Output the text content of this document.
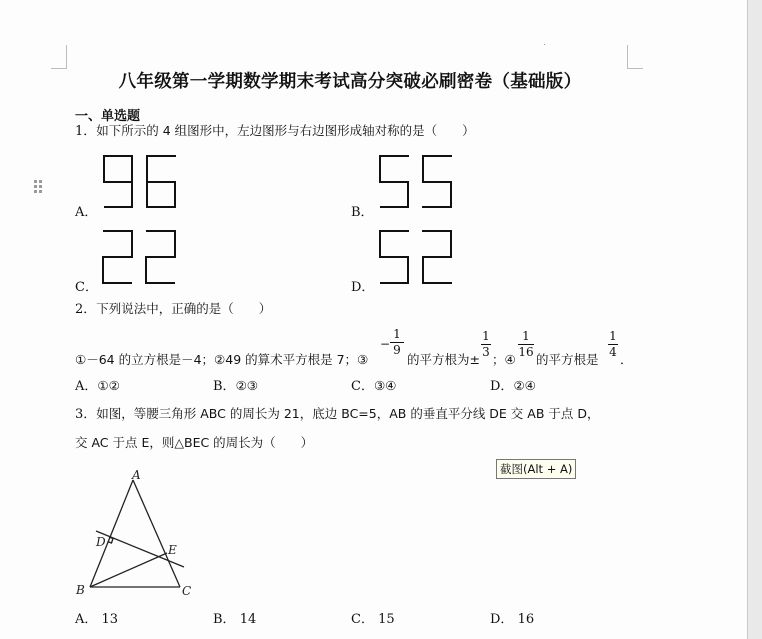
八年级第一学期数学期末考试高分突破必刷密卷（基础版）
一、单选题
1．如下所示的 4 组图形中，左边图形与右边图形成轴对称的是（　　）
A．	B．
C．	D．
2．下列说法中，正确的是（　　）
①－64 的立方根是－4；②49 的算术平方根是 7；③
−
1
9
的平方根为±
1
3 ；④
1
16 的平方根是
1
4 ．
A．①②	B．②③	C．③④	D．②④
3．如图，等腰三角形 ABC 的周长为 21，底边 BC=5，AB 的垂直平分线 DE 交 AB 于点 D，
交 AC 于点 E，则△BEC 的周长为（　　）
截图(Alt + A)
A
B	C
D
E
A． 13	B． 14	C． 15	D． 16
